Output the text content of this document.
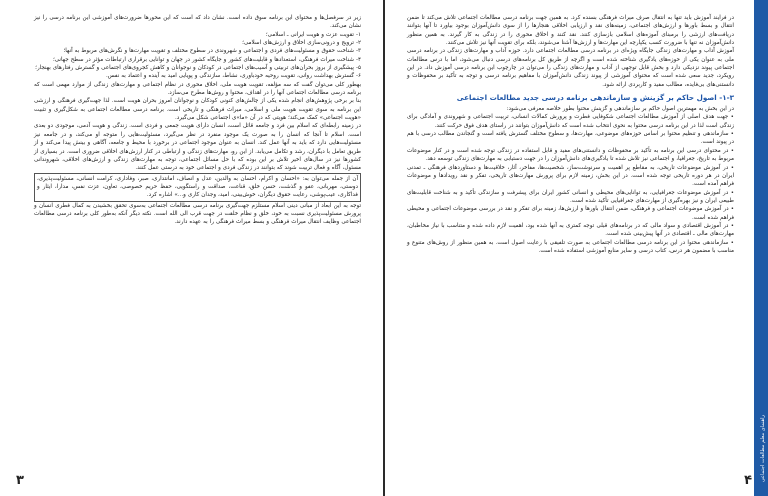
زیر در سرفصل‌ها و محتوای این برنامه سوق داده است. نشان داد که است که این محورها ضرورت‌های آموزشی این برنامه درسی را نیز نشان می‌کند.

۱- تقویت عزت و هویت ایرانی ـ اسلامی؛

۲- ترویج و درونی‌سازی اخلاق و ارزش‌های اسلامی؛

۳- شناخت حقوق و مسئولیت‌های فردی و اجتماعی و شهروندی در سطوح مختلف و تقویت مهارت‌ها و نگرش‌های مربوط به آنها؛

۴- شناخت میراث فرهنگی، استعدادها و قابلیت‌های کشور و جایگاه کشور در جهان و توانایی برقراری ارتباطات مؤثر در سطح جهانی؛

۵- پیشگیری از بروز بحران‌های تربیتی و آسیب‌های اجتماعی در کودکان و نوجوانان و کاهش کجروی‌های اجتماعی و گسترش رفتارهای بهنجار؛

۶- گسترش بهداشت روانی، تقویت روحیه خودباوری، نشاط، سازندگی و پویایی امید به آینده و اعتماد به نفس.

بهطور کلی می‌توان گفت که سه مؤلفه، تقویت هویت ملی، اخلاق محوری در نظام اجتماعی و مهارت‌های زندگی از موارد مهمی است که برنامه درسی مطالعات اجتماعی آنها را در اهداف، محتوا و روش‌ها مطرح می‌سازد.

بنا بر برخی پژوهش‌های انجام شده یکی از چالش‌های کنونی کودکان و نوجوانان امروز بحران هویت است. لذا جهت‌گیری فرهنگی و ارزشی این برنامه به سوی تقویت هویت ملی و اسلامی، میراث فرهنگی و تاریخی است. برنامه درسی مطالعات اجتماعی به شکل‌گیری و تثبیت «هویت اجتماعی» کمک می‌کند؛ هویتی که در آن «ما»ی اجتماعی شکل می‌گیرد.

در زمینه رابطه‌ای که اسلام بین فرد و جامعه قائل است، انسان دارای هویت جمعی و فردی است. زندگی و هویت آدمی، موجودی دو بعدی است. اسلام تا آنجا که انسان را به صورت یک موجود منفرد در نظر می‌گیرد، مسئولیت‌هایی را متوجه او می‌کند، و در جامعه نیز مسئولیت‌هایی دارد که باید به آنها عمل کند. انسان به عنوان موجود اجتماعی در برخورد با محیط و جامعه، آگاهی و بینش پیدا می‌کند و از طریق تعامل با دیگران، رشد و تکامل می‌یابد. از این رو، مهارت‌های زندگی و ارتباطی در کنار ارزش‌های اخلاقی ضروری است. در بسیاری از کشورها نیز در سال‌های اخیر تلاش بر این بوده که با حل مسائل اجتماعی، توجه به مهارت‌های زندگی و ارزش‌های اخلاقی، شهروندانی مسئول، آگاه و فعال تربیت شوند که بتوانند در زندگی فردی و اجتماعی خود به درستی عمل کنند.

آن از جمله می‌توان به: «احسان و اکرام، احسان به والدین، عدل و انصاف، امانتداری، صبر، وفاداری، کرامت انسانی، مسئولیت‌پذیری، دوستی، مهربانی، عفو و گذشت، حسن خلق، قناعت، صداقت و راستگویی، حفظ حریم خصوصی، تعاون، عزت نفس، مدارا، ایثار و فداکاری، عیب‌پوشی، رعایت حقوق دیگران، خوش‌بینی، امید، وجدان کاری و...» اشاره کرد.

توجه به این ابعاد از مبانی دینی اسلام مستلزم جهت‌گیری برنامه درسی مطالعات اجتماعی به‌سوی تحقق بخشیدن به کمال فطری انسان و پرورش مسئولیت‌پذیری نسبت به خود، خلق و نظام خلقت در جهت قرب الی الله است. نکته دیگر آنکه به‌طور کلی برنامه درسی مطالعات اجتماعی وظایف انتقال میراث فرهنگی و بسط میراث فرهنگی را به عهده دارند.

۳	راهنمای معلم مطالعات اجتماعی

در فرایند آموزش باید تنها به انتقال صرف میراث فرهنگی بسنده کرد. به همین جهت برنامه درسی مطالعات اجتماعی تلاش می‌کند تا ضمن انتقال و بسط باورها و ارزش‌های اجتماعی، زمینه‌های نقد و ارزیابی اخلاقی هنجارها را از سوی دانش‌آموزان بوجود بیاورد تا آنها بتوانند دریافت‌های ارزشی را برمبنای آموزه‌های اسلامی بازسازی کنند. نقد کنند و اخلاق محوری را در زندگی به کار گیرند. به همین منظور دانش‌آموزان نه تنها با ضرورت کسب یکپارچه این مهارت‌ها و ارزش‌ها آشنا می‌شوند، بلکه برای تقویت آنها نیز تلاش می‌کنند.

آموزش آداب و مهارت‌های زندگی جایگاه ویژه‌ای در برنامه درسی مطالعات اجتماعی دارد. حوزه آداب و مهارت‌های زندگی در برنامه درسی ملی به عنوان یکی از حوزه‌های یادگیری شناخته شده است و اگرچه از طریق کل برنامه‌های درسی دنبال می‌شود، اما با درس مطالعات اجتماعی پیوند نزدیکی دارد و بخش قابل توجهی از آداب و مهارت‌های زندگی را می‌توان در چارچوب این برنامه درسی آموزش داد. در این رویکرد، جدید سعی شده است که محتوای آموزشی از پیوند زندگی دانش‌آموزان با مفاهیم برنامه درسی و توجه به تأکید بر محفوظات و دانستنی‌های بی‌فایده، مطالب مفید و کاربردی ارائه شود.

۱-۳- اصول حاکم بر گزینش و سازماندهی برنامه درسی جدید مطالعات اجتماعی

در این بخش به مهمترین اصول حاکم بر سازماندهی و گزینش محتوا بطور خلاصه معرفی می‌شود:

• جهت هدف اصلی از آموزش مطالعات اجتماعی شکوفایی فطرت و پرورش کمالات انسانی، تربیت اجتماعی و شهروندی و آمادگی برای زندگی است لذا در این برنامه درسی محتوا به نحوی انتخاب شده است که دانش‌آموزان بتوانند در راستای هدف فوق حرکت کنند.

• سازماندهی و تنظیم محتوا بر اساس حوزه‌های موضوعی، مهارت‌ها، و سطوح مختلف گسترش یافته است و گنجاندن مطالب درسی با هم در پیوند است.

• در محتوای درسی این برنامه به تأکید بر محفوظات و دانستنی‌های مفید و قابل استفاده در زندگی توجه شده است و در کنار موضوعات مربوط به تاریخ، جغرافیا، و اجتماعی نیز تلاش شده تا یادگیری‌های دانش‌آموزان را در جهت دستیابی به مهارت‌های زندگی توسعه دهد.

• در آموزش موضوعات تاریخی، به مقاطع پر اهمیت و سرنوشت‌ساز، شخصیت‌ها، مفاخر، آثار، خلاقیت‌ها و دستاوردهای فرهنگی ـ تمدنی ایران در هر دوره تاریخی توجه شده است. در این بخش، زمینه لازم برای پرورش مهارت‌های تاریخی، تفکر و نقد رویدادها و موضوعات فراهم آمده است.

• در آموزش موضوعات جغرافیایی، به توانایی‌های محیطی و انسانی کشور ایران برای پیشرفت و سازندگی تأکید و به شناخت قابلیت‌های طبیعی ایران و نیز بهره‌گیری از مهارت‌های جغرافیایی تأکید شده است.

• در آموزش موضوعات اجتماعی و فرهنگی، ضمن انتقال باورها و ارزش‌ها، زمینه برای تفکر و نقد در بررسی موضوعات اجتماعی و محیطی فراهم شده است.

• در آموزش اقتصادی و سواد مالی که در برنامه‌های قبلی توجه کمتری به آنها شده بود، اهمیت لازم داده شده و متناسب با نیاز مخاطبان، مهارت‌های مالی ـ اقتصادی در آنها پیش‌بینی شده است.

• سازماندهی محتوا در این برنامه درسی مطالعات اجتماعی به صورت تلفیقی با رعایت اصول است. به همین منظور از روش‌های متنوع و مناسب با مضمون هر درس، کتاب درسی و سایر منابع آموزشی استفاده شده است.

۴
